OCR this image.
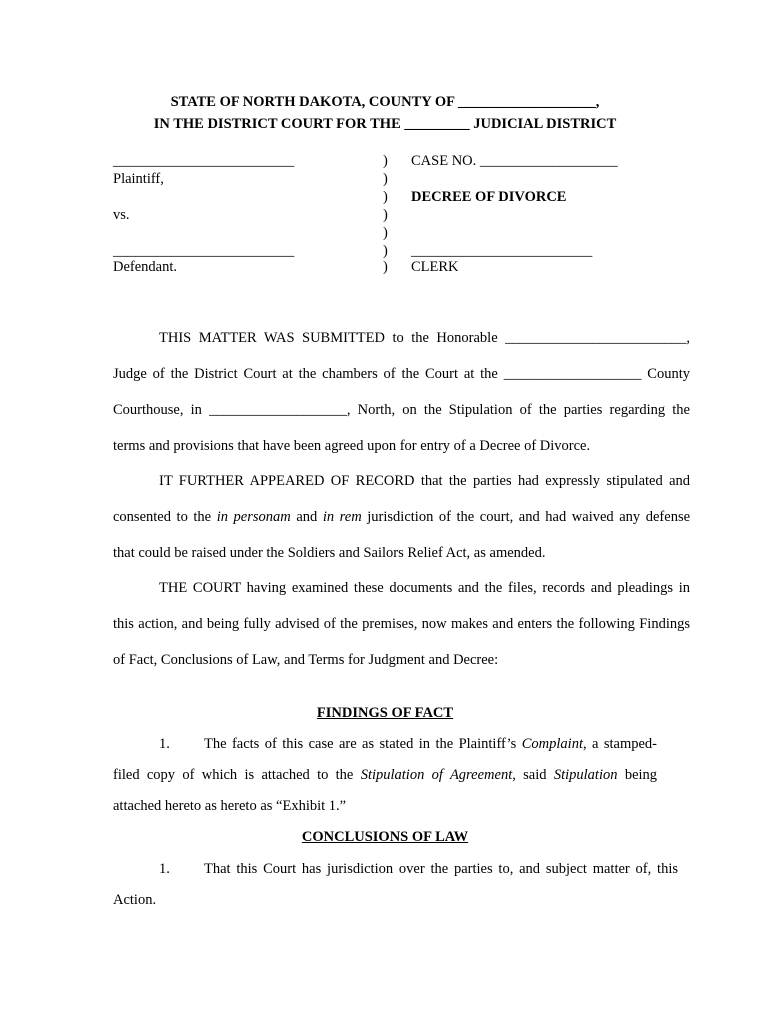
STATE OF NORTH DAKOTA, COUNTY OF ___________________,
IN THE DISTRICT COURT FOR THE _________ JUDICIAL DISTRICT
_________________________
Plaintiff,
vs.
_________________________
Defendant.
)
)
)
)
)
)
)
CASE NO. ___________________
DECREE OF DIVORCE
_________________________
CLERK
THIS MATTER WAS SUBMITTED to the Honorable _________________________,
Judge of the District Court at the chambers of the Court at the ___________________ County
Courthouse, in ___________________, North, on the Stipulation of the parties regarding the
terms and provisions that have been agreed upon for entry of a Decree of Divorce.
IT FURTHER APPEARED OF RECORD that the parties had expressly stipulated and
consented to the in personam and in rem jurisdiction of the court, and had waived any defense
that could be raised under the Soldiers and Sailors Relief Act, as amended.
THE COURT having examined these documents and the files, records and pleadings in
this action, and being fully advised of the premises, now makes and enters the following Findings
of Fact, Conclusions of Law, and Terms for Judgment and Decree:
FINDINGS OF FACT
1. The facts of this case are as stated in the Plaintiff’s Complaint, a stamped-
filed copy of which is attached to the Stipulation of Agreement, said Stipulation being
attached hereto as hereto as “Exhibit 1.”
CONCLUSIONS OF LAW
1. That this Court has jurisdiction over the parties to, and subject matter of, this
Action.
